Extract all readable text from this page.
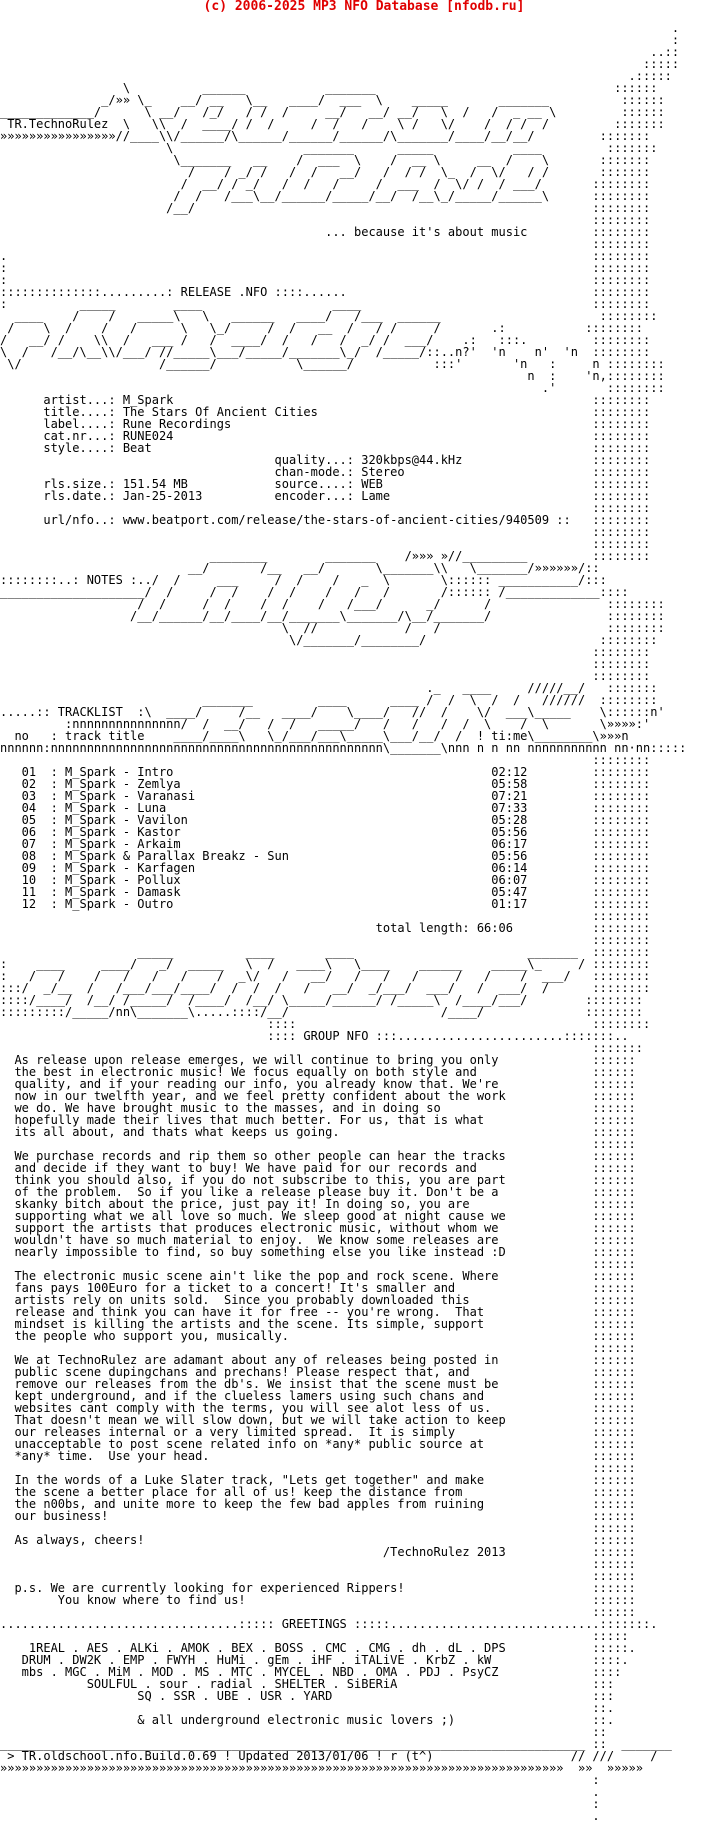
(c) 2006-2025 MP3 NFO Database [nfodb.ru]
.
:
..::
:::::
.:::::
\          ______           _______                                 ::::::
_/»» \_    __/ __   \__   ____/  ___  \    _____       _______          ::::::
_____________/      \ __/   /_/   / /  /     __/   __/ __/   \  /   /  _ __ \         ::::::
TR.TechnoRulez  \   \\  /  ____/ /  /     /  /   /    \ /   \/    /  / /  /         :::::::
»»»»»»»»»»»»»»»»//____\\/______/\______/______/______/\_______/____/__/__/         :::::::
\                  _______      _____           ____         :::::::
\_______   __    /  ___  \    /  __ \     __  /    \       :::::::
/    / _/ /   /  /   __/   /  / /  \_  /  \/   / /       :::::::
/  __/ / _/   /  /   /     /  ___  /  \/ /  / ___/       ::::::::
/  /   /___\__/______/_____/__/  /__\_/_____/______\      ::::::::
/__/                                                       ::::::::
::::::::
... because it's about music         ::::::::
::::::::
.                                                                                 ::::::::
:                                                                                 ::::::::
:                                                                                 ::::::::
::::::::::::::.........: RELEASE .NFO ::::......                                  ::::::::
:          _____        ____                  ____                                ::::::::
____    /    /   _____\   \   ______   ____/   /___  ______                      ::::::::
/    \  /    /   /      \   \_/     /  /   __  /   / /     /       .:           ::::::::
/   __/ /    \\  /   ___ /   /  ____/  /   /   /  _/ /  ___/    .:   :::.         ::::::::
\  /   /__/\__\\/___/ //_____\___/_____/_______\_/  /_____/::..n?'  'n    n'  'n  ::::::::
\/                   /______/           \______/           :::'       'n   :     n ::::::::
n  :    'n,::::::::
.'       ::::::::
artist...: M_Spark                                                          ::::::::
title....: The Stars Of Ancient Cities                                      ::::::::
label....: Rune Recordings                                                  ::::::::
cat.nr...: RUNE024                                                          ::::::::
style....: Beat                                                             ::::::::
quality...: 320kbps@44.kHz                  ::::::::
chan-mode.: Stereo                          ::::::::
rls.size.: 151.54 MB            source....: WEB                             ::::::::
rls.date.: Jan-25-2013          encoder...: Lame                            ::::::::
::::::::
url/nfo..: www.beatport.com/release/the-stars-of-ancient-cities/940509 ::   ::::::::
::::::::
::::::::
________        _______    /»»» »//_________         ::::::::
__/       /__   __/       \_______\\   \_______/»»»»»»/::
::::::::..: NOTES :../  /     ___     /  /    /   _  \       \:::::: ___________/:::
____________________/  /     /  /    /  /    /   /   /       /:::::: /_____________::::
/  /     /  /    /  /    /   /___/      _/      /                ::::::::
/__/______/__/____/__/_______\_______/\__/_______/                ::::::::
\  //            /   /                       ::::::::
\/_______/________/                        ::::::::
::::::::
::::::::
::::::::
._   ____     /////__/   :::::::
_______         ____      ____ /  /  \  /  /   //////  ::::::::
.....:: TRACKLIST  :\  ____/     /__   ____/    \____/   //  /    \/  ___\_____    \::::::n'
:nnnnnnnnnnnnnnn/  /  __/   /  /   _____/   /   /   /  /  \    /  \       \»»»»:'
no   : track title    ____/____\   \_/___/___\_____\___/__/  /  ! ti:me\________\»»»n
nnnnnn:nnnnnnnnnnnnnnnnnnnnnnnnnnnnnnnnnnnnnnnnnnnnnn\_______\nnn n n nn nnnnnnnnnnn nn·nn:::::
::::::::
01  : M_Spark - Intro                                            02:12         ::::::::
02  : M_Spark - Zemlya                                           05:58         ::::::::
03  : M_Spark - Varanasi                                         07:21         ::::::::
04  : M_Spark - Luna                                             07:33         ::::::::
05  : M_Spark - Vavilon                                          05:28         ::::::::
06  : M_Spark - Kastor                                           05:56         ::::::::
07  : M_Spark - Arkaim                                           06:17         ::::::::
08  : M_Spark & Parallax Breakz - Sun                            05:56         ::::::::
09  : M_Spark - Karfagen                                         06:14         ::::::::
10  : M_Spark - Pollux                                           06:07         ::::::::
11  : M_Spark - Damask                                           05:47         ::::::::
12  : M_Spark - Outro                                            01:17         ::::::::
::::::::
total length: 66:06           ::::::::
::::::::
_____          ____       ____                        _______  ::::::::
:    ____     ____/   _/  _____   \  /   ____\   \____    ______    _____\_     / ::::::::
:   /   /    /   /   /   /    /  _\/   /   __/   /   /   /     /   /    /  ___/   ::::::::
:::/  _/__  /   /___/___/____/  /  /  /   /   __/  _/___/  ___/   /  ___/  /      ::::::::
::::/____/  /__/ /_____/  /____/  /__/ \_____/______/ /_____\  /____/___/        ::::::::
:::::::::/_____/nn\_______\.....::::/__/                     /____/              ::::::::
::::                                         ::::::::
:::: GROUP NFO :::.......................:::::::..
:::::::
As release upon release emerges, we will continue to bring you only             ::::::
the best in electronic music! We focus equally on both style and                ::::::
quality, and if your reading our info, you already know that. We're             ::::::
now in our twelfth year, and we feel pretty confident about the work            ::::::
we do. We have brought music to the masses, and in doing so                     ::::::
hopefully made their lives that much better. For us, that is what               ::::::
its all about, and thats what keeps us going.                                   ::::::
::::::
We purchase records and rip them so other people can hear the tracks            ::::::
and decide if they want to buy! We have paid for our records and                ::::::
think you should also, if you do not subscribe to this, you are part            ::::::
of the problem.  So if you like a release please buy it. Don't be a             ::::::
skanky bitch about the price, just pay it! In doing so, you are                 ::::::
supporting what we all love so much. We sleep good at night cause we            ::::::
support the artists that produces electronic music, without whom we             ::::::
wouldn't have so much material to enjoy.  We know some releases are             ::::::
nearly impossible to find, so buy something else you like instead :D            ::::::
::::::
The electronic music scene ain't like the pop and rock scene. Where             ::::::
fans pays 100Euro for a ticket to a concert! It's smaller and                   ::::::
artists rely on units sold.  Since you probably downloaded this                 ::::::
release and think you can have it for free -- you're wrong.  That               ::::::
mindset is killing the artists and the scene. Its simple, support               ::::::
the people who support you, musically.                                          ::::::
::::::
We at TechnoRulez are adamant about any of releases being posted in             ::::::
public scene dupingchans and prechans! Please respect that, and                 ::::::
remove our releases from the db's. We insist that the scene must be             ::::::
kept underground, and if the clueless lamers using such chans and               ::::::
websites cant comply with the terms, you will see alot less of us.              ::::::
That doesn't mean we will slow down, but we will take action to keep            ::::::
our releases internal or a very limited spread.  It is simply                   ::::::
unacceptable to post scene related info on *any* public source at               ::::::
*any* time.  Use your head.                                                     ::::::
::::::
In the words of a Luke Slater track, "Lets get together" and make               ::::::
the scene a better place for all of us! keep the distance from                  ::::::
the n00bs, and unite more to keep the few bad apples from ruining               ::::::
our business!                                                                   ::::::
::::::
As always, cheers!                                                              ::::::
/TechnoRulez 2013            ::::::
::::::
::::::
p.s. We are currently looking for experienced Rippers!                          ::::::
You know where to find us!                                                ::::::
::::::
.................................::::: GREETINGS :::::.............................:::::::.
:::::
1REAL . AES . ALKi . AMOK . BEX . BOSS . CMC . CMG . dh . dL . DPS            :::::.
DRUM . DW2K . EMP . FWYH . HuMi . gEm . iHF . iTALiVE . KrbZ . kW              ::::.
mbs . MGC . MiM . MOD . MS . MTC . MYCEL . NBD . OMA . PDJ . PsyCZ             ::::
SOULFUL . sour . radial . SHELTER . SiBERiA                           :::
SQ . SSR . UBE . USR . YARD                                    :::
::.
& all underground electronic music lovers ;)                   ::.
::
_________________________________________________________________________________ ::  _______
> TR.oldschool.nfo.Build.0.69 ! Updated 2013/01/06 ! r (t^)                   // ///     /
»»»»»»»»»»»»»»»»»»»»»»»»»»»»»»»»»»»»»»»»»»»»»»»»»»»»»»»»»»»»»»»»»»»»»»»»»»»»»»  »»  »»»»»
:
.
:
.
